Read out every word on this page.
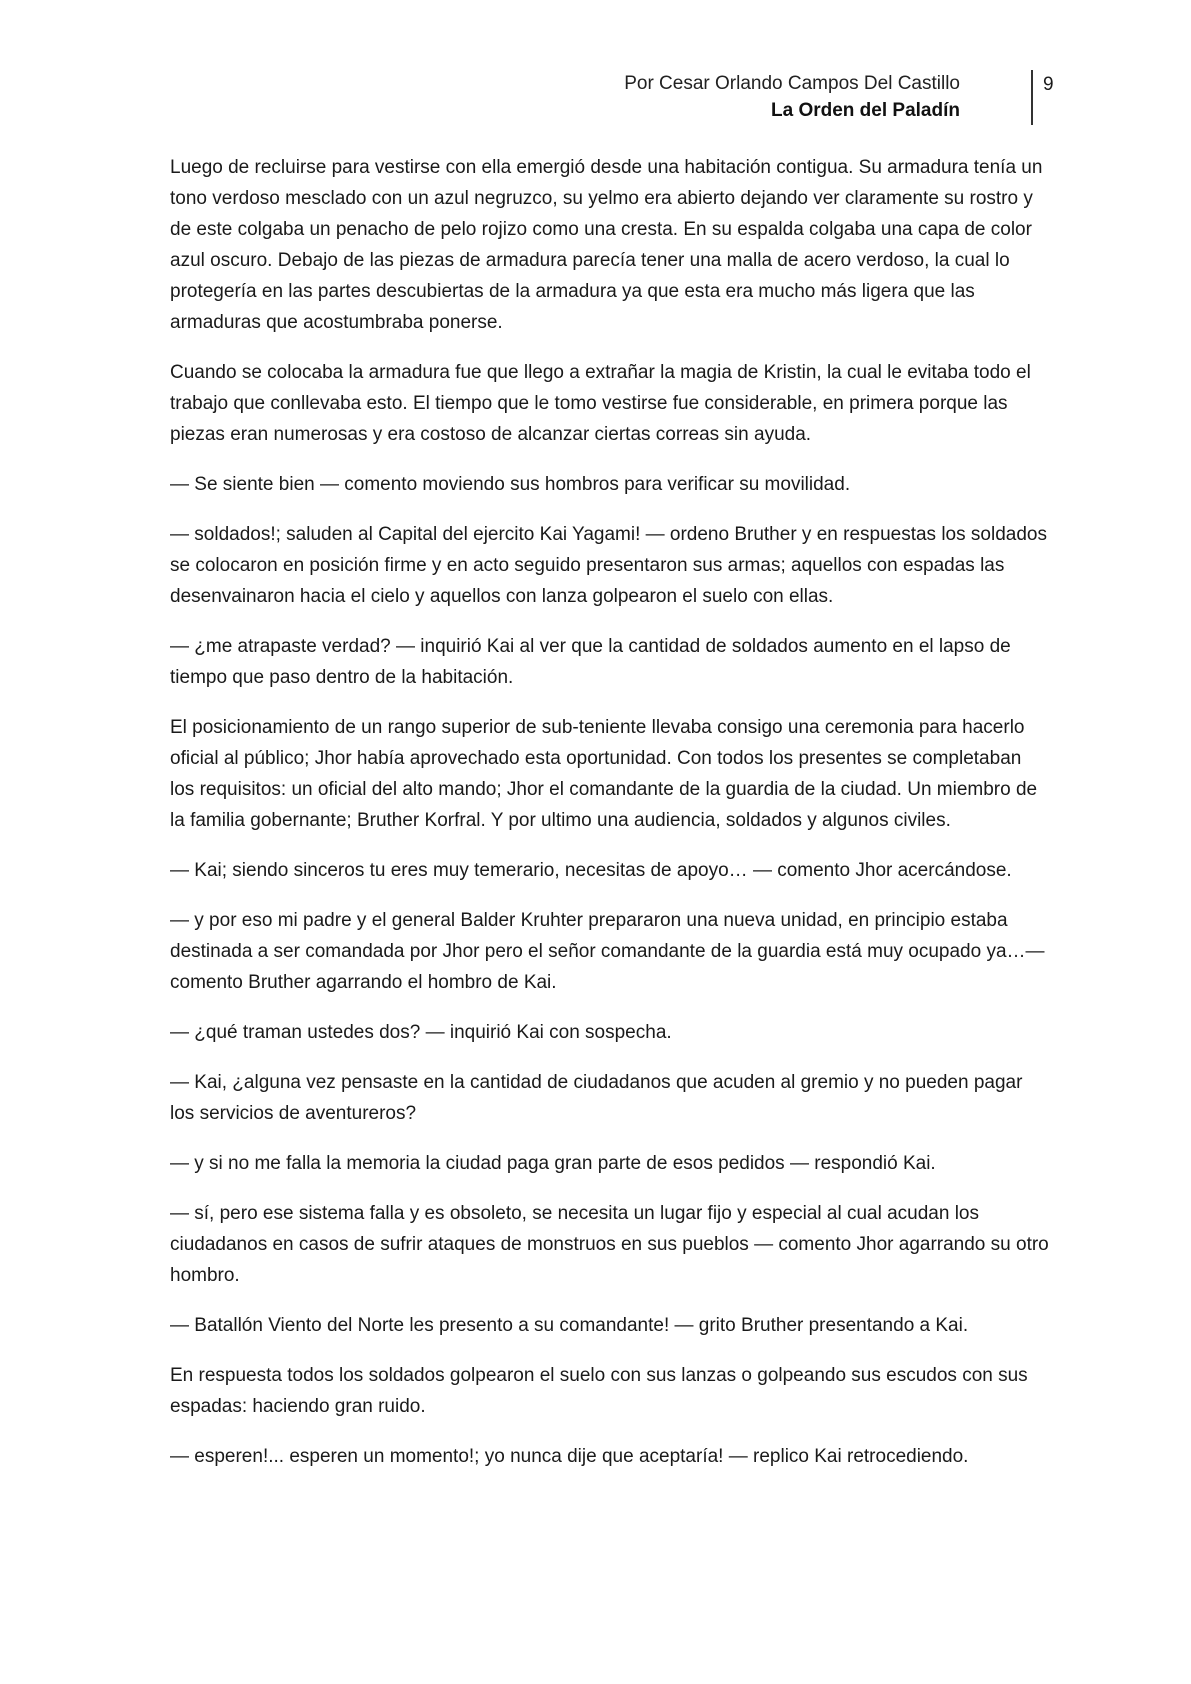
Por Cesar Orlando Campos Del Castillo
La Orden del Paladín
9

Luego de recluirse para vestirse con ella emergió desde una habitación contigua. Su armadura tenía un tono verdoso mesclado con un azul negruzco, su yelmo era abierto dejando ver claramente su rostro y de este colgaba un penacho de pelo rojizo como una cresta. En su espalda colgaba una capa de color azul oscuro. Debajo de las piezas de armadura parecía tener una malla de acero verdoso, la cual lo protegería en las partes descubiertas de la armadura ya que esta era mucho más ligera que las armaduras que acostumbraba ponerse.

Cuando se colocaba la armadura fue que llego a extrañar la magia de Kristin, la cual le evitaba todo el trabajo que conllevaba esto. El tiempo que le tomo vestirse fue considerable, en primera porque las piezas eran numerosas y era costoso de alcanzar ciertas correas sin ayuda.

— Se siente bien — comento moviendo sus hombros para verificar su movilidad.

— soldados!; saluden al Capital del ejercito Kai Yagami! — ordeno Bruther y en respuestas los soldados se colocaron en posición firme y en acto seguido presentaron sus armas; aquellos con espadas las desenvainaron hacia el cielo y aquellos con lanza golpearon el suelo con ellas.

— ¿me atrapaste verdad? — inquirió Kai al ver que la cantidad de soldados aumento en el lapso de tiempo que paso dentro de la habitación.

El posicionamiento de un rango superior de sub-teniente llevaba consigo una ceremonia para hacerlo oficial al público; Jhor había aprovechado esta oportunidad. Con todos los presentes se completaban los requisitos: un oficial del alto mando; Jhor el comandante de la guardia de la ciudad. Un miembro de la familia gobernante; Bruther Korfral. Y por ultimo una audiencia, soldados y algunos civiles.

— Kai; siendo sinceros tu eres muy temerario, necesitas de apoyo… — comento Jhor acercándose.

— y por eso mi padre y el general Balder Kruhter prepararon una nueva unidad, en principio estaba destinada a ser comandada por Jhor pero el señor comandante de la guardia está muy ocupado ya…— comento Bruther agarrando el hombro de Kai.

— ¿qué traman ustedes dos? — inquirió Kai con sospecha.

— Kai, ¿alguna vez pensaste en la cantidad de ciudadanos que acuden al gremio y no pueden pagar los servicios de aventureros?

— y si no me falla la memoria la ciudad paga gran parte de esos pedidos — respondió Kai.

— sí, pero ese sistema falla y es obsoleto, se necesita un lugar fijo y especial al cual acudan los ciudadanos en casos de sufrir ataques de monstruos en sus pueblos — comento Jhor agarrando su otro hombro.

— Batallón Viento del Norte les presento a su comandante! — grito Bruther presentando a Kai.

En respuesta todos los soldados golpearon el suelo con sus lanzas o golpeando sus escudos con sus espadas: haciendo gran ruido.

— esperen!... esperen un momento!; yo nunca dije que aceptaría! — replico Kai retrocediendo.
